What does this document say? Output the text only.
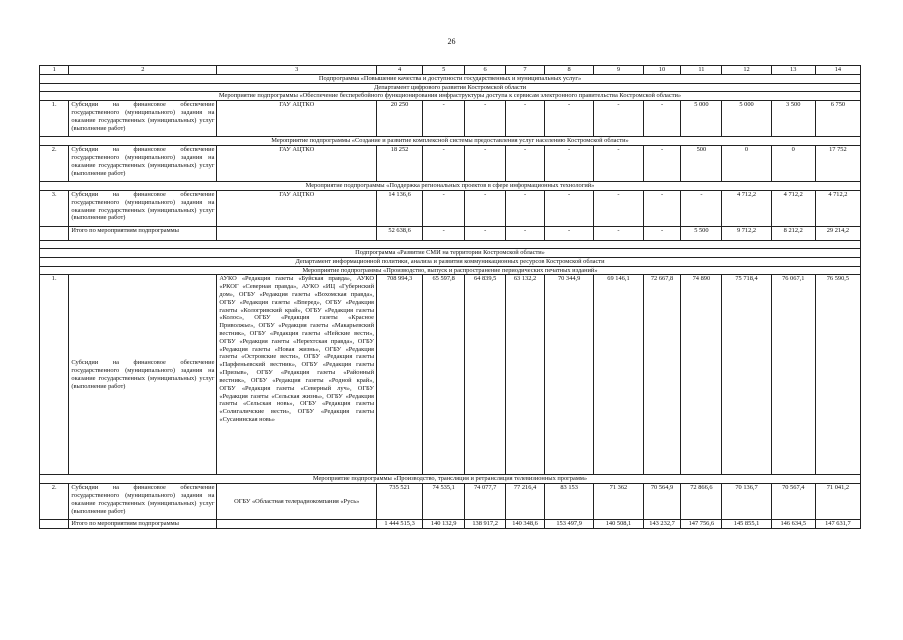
26
1	2	3	4	5	6	7	8	9	10	11	12	13	14
Подпрограмма «Повышение качества и доступности государственных и муниципальных услуг»													
Департамент цифрового развития Костромской области													
Мероприятие подпрограммы «Обеспечение бесперебойного функционирования инфраструктуры доступа к сервисам электронного правительства Костромской области»													
1.	Субсидии на финансовое обеспечение государственного (муниципального) задания на оказание государственных (муниципальных) услуг (выполнение работ)	ГАУ АЦТКО	20 250	-	-	-	-	-	-	5 000	5 000	3 500	6 750
Мероприятие подпрограммы «Создание и развитие комплексной системы предоставления услуг населению Костромской области»													
2.	Субсидии на финансовое обеспечение государственного (муниципального) задания на оказание государственных (муниципальных) услуг (выполнение работ)	ГАУ АЦТКО	18 252	-	-	-	-	-	-	500	0	0	17 752
Мероприятие подпрограммы «Поддержка региональных проектов в сфере информационных технологий»													
3.	Субсидии на финансовое обеспечение государственного (муниципального) задания на оказание государственных (муниципальных) услуг (выполнение работ)	ГАУ АЦТКО	14 136,6	-	-	-	-	-	-	-	4 712,2	4 712,2	4 712,2
	Итого по мероприятиям подпрограммы		52 638,6	-	-	-	-	-	-	5 500	9 712,2	8 212,2	29 214,2

Подпрограмма «Развитие СМИ на территории Костромской области»													
Департамент информационной политики, анализа и развития коммуникационных ресурсов Костромской области													
Мероприятие подпрограммы «Производство, выпуск и распространение периодических печатных изданий»													
1.	Субсидии на финансовое обеспечение государственного (муниципального) задания на оказание государственных (муниципальных) услуг (выполнение работ)	АУКО «Редакция газеты «Буйская правда», АУКО «РКОГ «Северная правда», АУКО «ИЦ «Губернский дом», ОГБУ «Редакция газеты «Вохомская правда», ОГБУ «Редакция газеты «Вперед», ОГБУ «Редакция газеты «Кологривский край», ОГБУ «Редакция газеты «Колос», ОГБУ «Редакция газеты «Красное Приволжье», ОГБУ «Редакция газеты «Макарьевский вестник», ОГБУ «Редакция газеты «Нейские вести», ОГБУ «Редакция газеты «Нерехтская правда», ОГБУ «Редакция газеты «Новая жизнь», ОГБУ «Редакция газеты «Островские вести», ОГБУ «Редакция газеты «Парфеньевский вестник», ОГБУ «Редакция газеты «Призыв», ОГБУ «Редакция газеты «Районный вестник», ОГБУ «Редакция газеты «Родной край», ОГБУ «Редакция газеты «Северный луч», ОГБУ «Редакция газеты «Сельская жизнь», ОГБУ «Редакция газеты «Сельская новь», ОГБУ «Редакция газеты «Солигаличские вести», ОГБУ «Редакция газеты «Сусанинская новь»	708 994,3	65 597,8	64 839,5	63 132,2	70 344,9	69 146,1	72 667,8	74 890	75 718,4	76 067,1	76 590,5
Мероприятие подпрограммы «Производство, трансляция и ретрансляция телевизионных программ»													
2.	Субсидии на финансовое обеспечение государственного (муниципального) задания на оказание государственных (муниципальных) услуг (выполнение работ)	ОГБУ «Областная телерадиокомпания «Русь»	735 521	74 535,1	74 077,7	77 216,4	83 153	71 362	70 564,9	72 866,6	70 136,7	70 567,4	71 041,2
	Итого по мероприятиям подпрограммы		1 444 515,3	140 132,9	138 917,2	140 348,6	153 497,9	140 508,1	143 232,7	147 756,6	145 855,1	146 634,5	147 631,7
